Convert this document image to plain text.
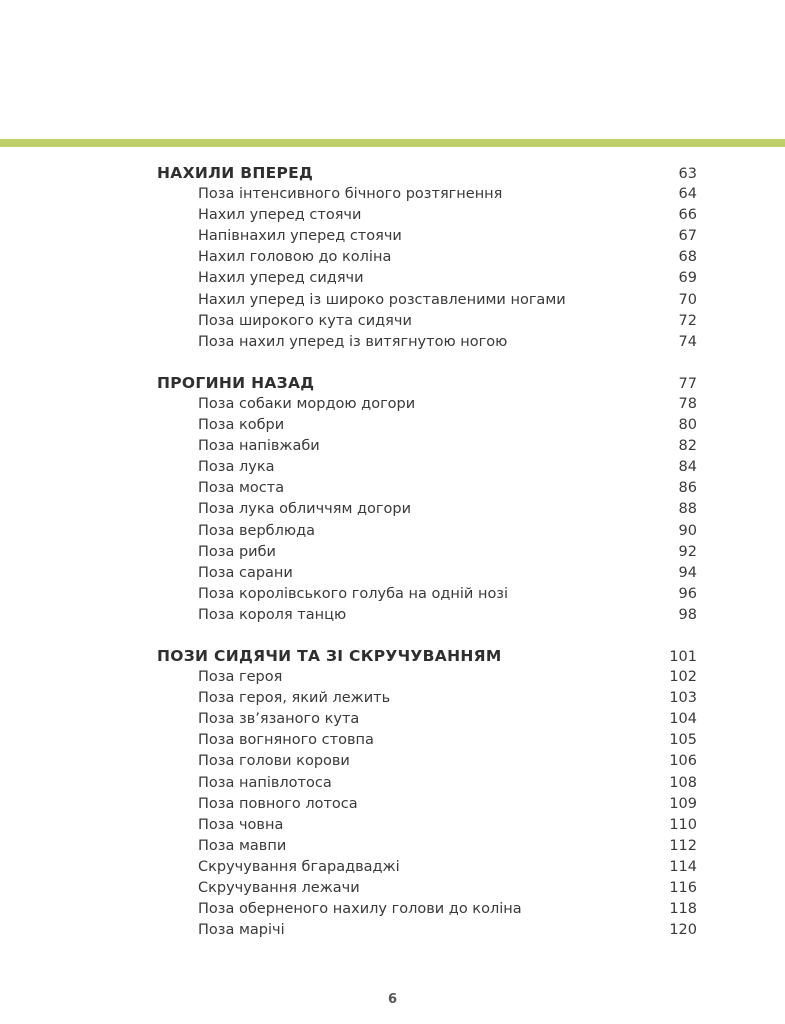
НАХИЛИ ВПЕРЕД	63
Поза інтенсивного бічного розтягнення	64
Нахил уперед стоячи	66
Напівнахил уперед стоячи	67
Нахил головою до коліна	68
Нахил уперед сидячи	69
Нахил уперед із широко розставленими ногами	70
Поза широкого кута сидячи	72
Поза нахил уперед із витягнутою ногою	74
ПРОГИНИ НАЗАД	77
Поза собаки мордою догори	78
Поза кобри	80
Поза напівжаби	82
Поза лука	84
Поза моста	86
Поза лука обличчям догори	88
Поза верблюда	90
Поза риби	92
Поза сарани	94
Поза королівського голуба на одній нозі	96
Поза короля танцю	98
ПОЗИ СИДЯЧИ ТА ЗІ СКРУЧУВАННЯМ	101
Поза героя	102
Поза героя, який лежить	103
Поза зв’язаного кута	104
Поза вогняного стовпа	105
Поза голови корови	106
Поза напівлотоса	108
Поза повного лотоса	109
Поза човна	110
Поза мавпи	112
Скручування бгарадваджі	114
Скручування лежачи	116
Поза оберненого нахилу голови до коліна	118
Поза марічі	120
6
